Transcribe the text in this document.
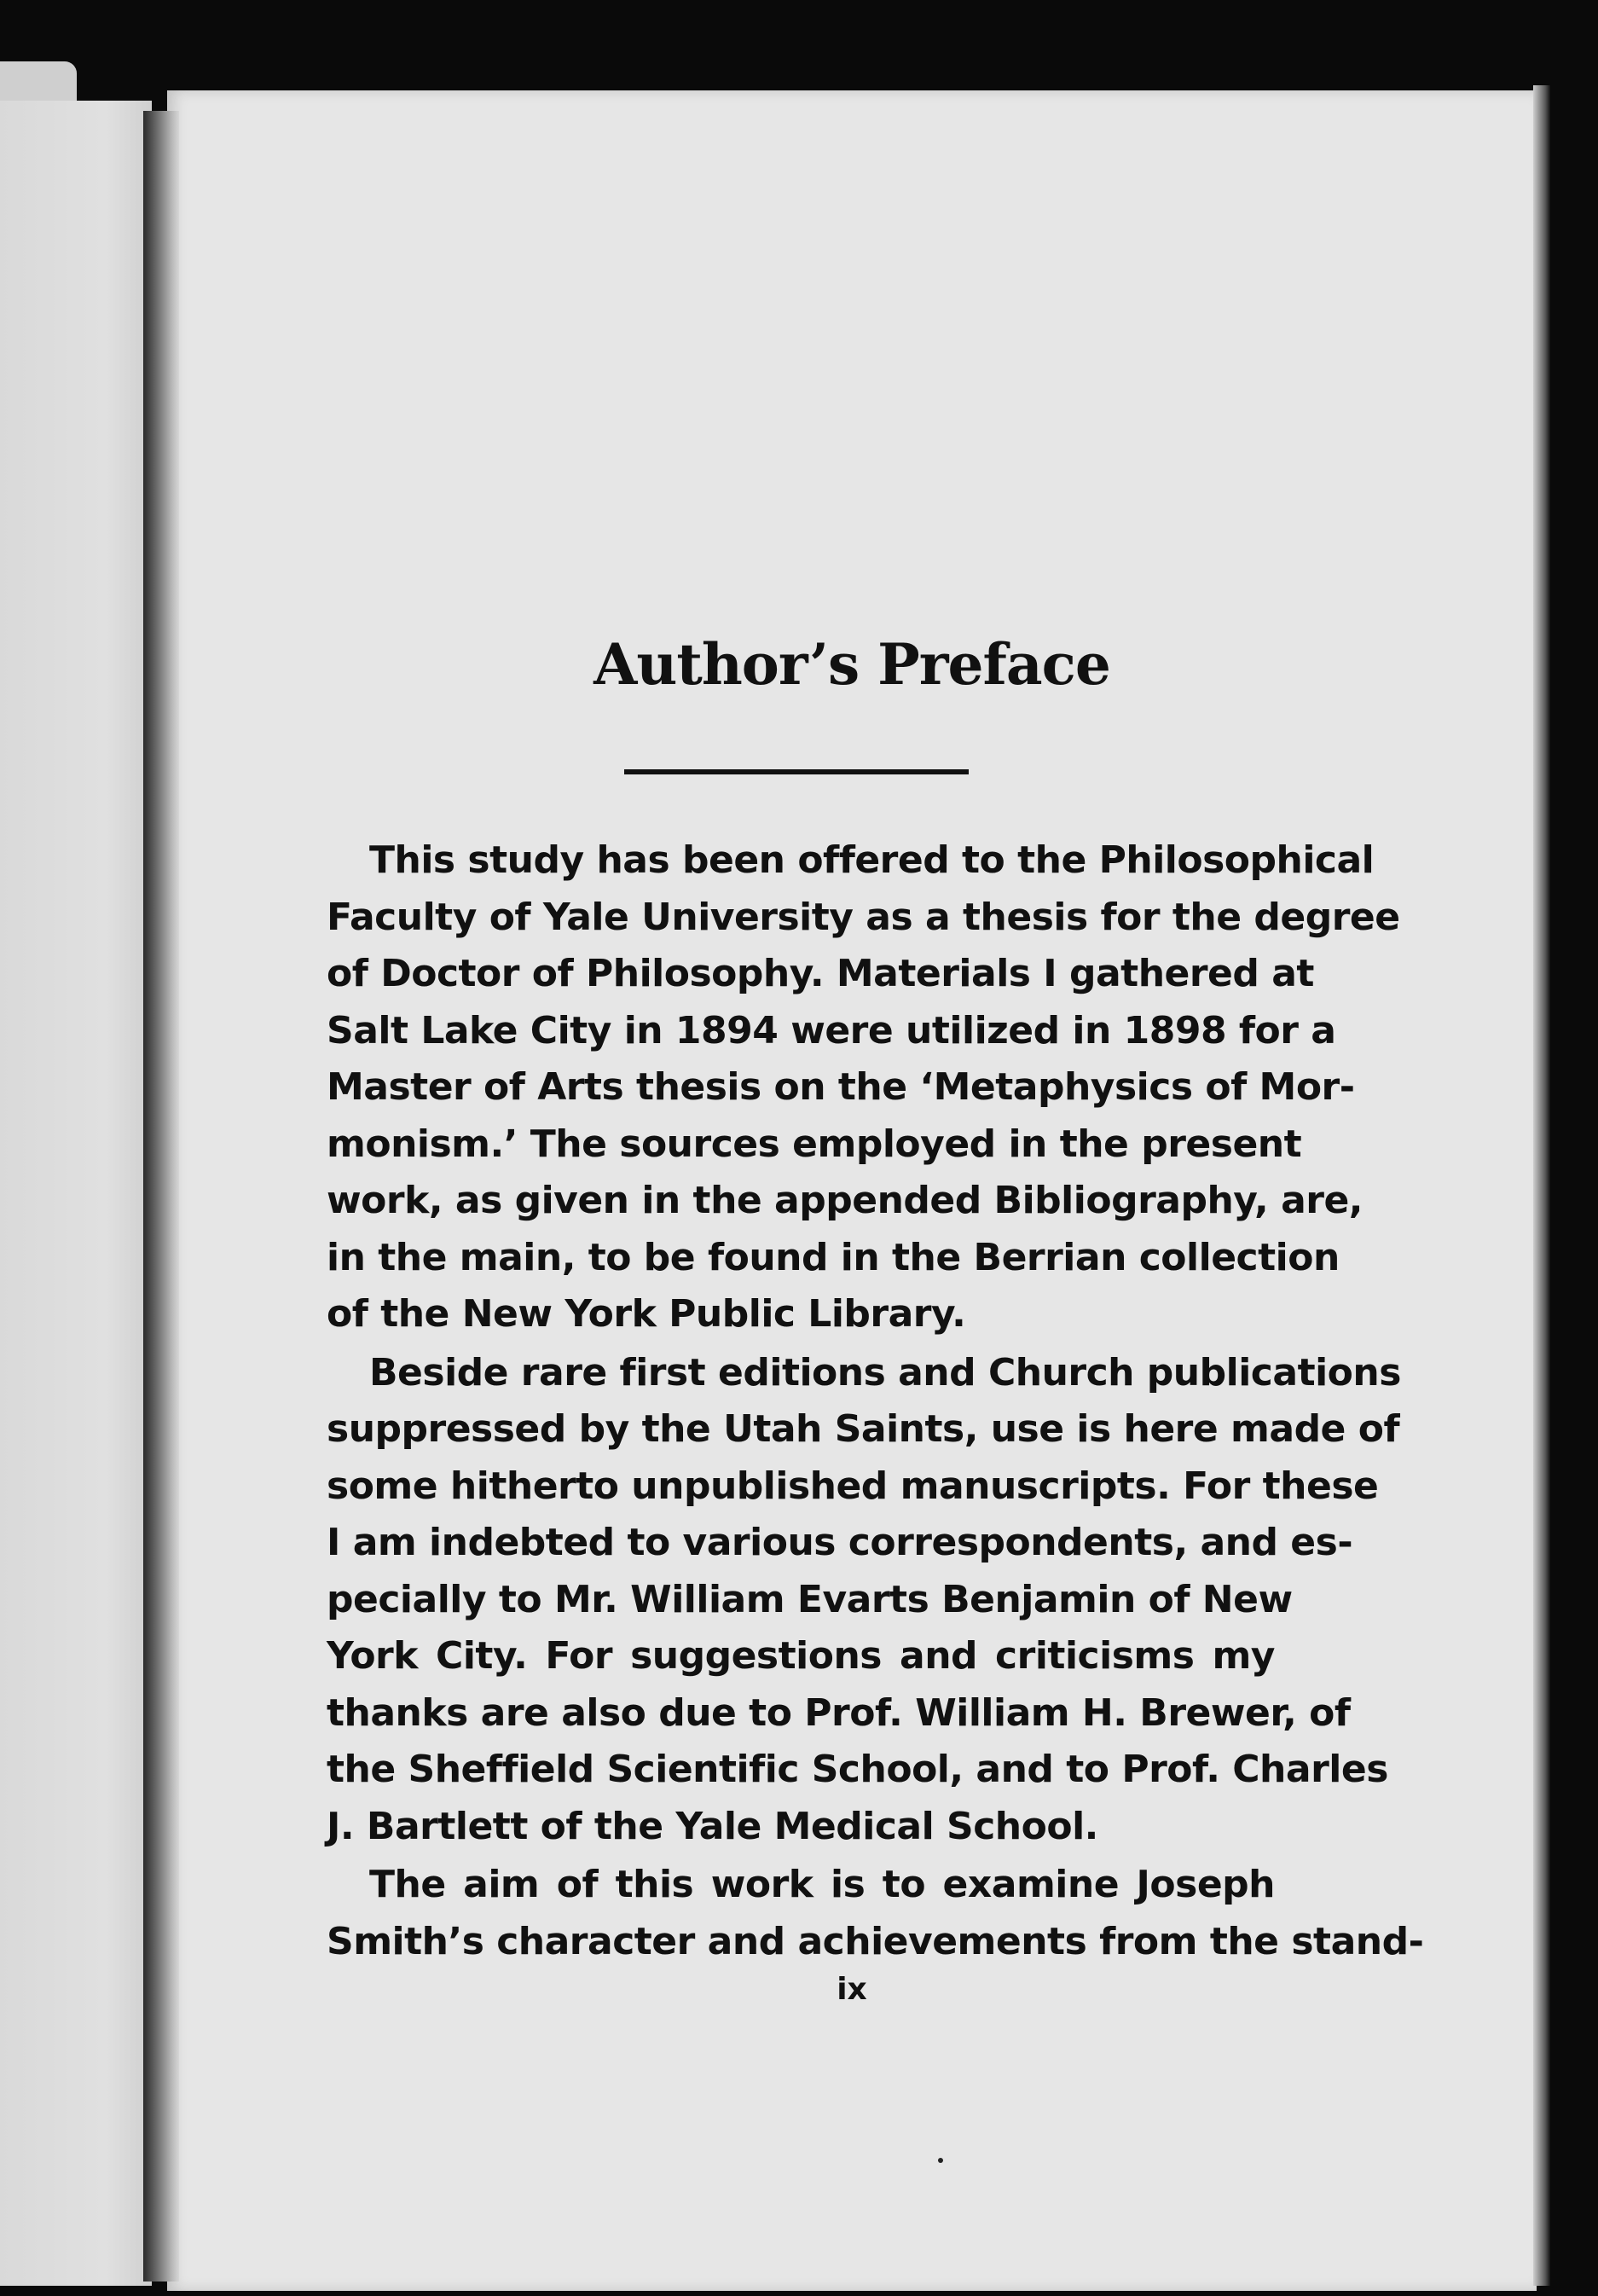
Author’s Preface
This study has been offered to the Philosophical
Faculty of Yale University as a thesis for the degree
of Doctor of Philosophy. Materials I gathered at
Salt Lake City in 1894 were utilized in 1898 for a
Master of Arts thesis on the ‘Metaphysics of Mor-
monism.’ The sources employed in the present
work, as given in the appended Bibliography, are,
in the main, to be found in the Berrian collection
of the New York Public Library.
Beside rare first editions and Church publications
suppressed by the Utah Saints, use is here made of
some hitherto unpublished manuscripts. For these
I am indebted to various correspondents, and es-
pecially to Mr. William Evarts Benjamin of New
York City. For suggestions and criticisms my
thanks are also due to Prof. William H. Brewer, of
the Sheffield Scientific School, and to Prof. Charles
J. Bartlett of the Yale Medical School.
The aim of this work is to examine Joseph
Smith’s character and achievements from the stand-
ix
